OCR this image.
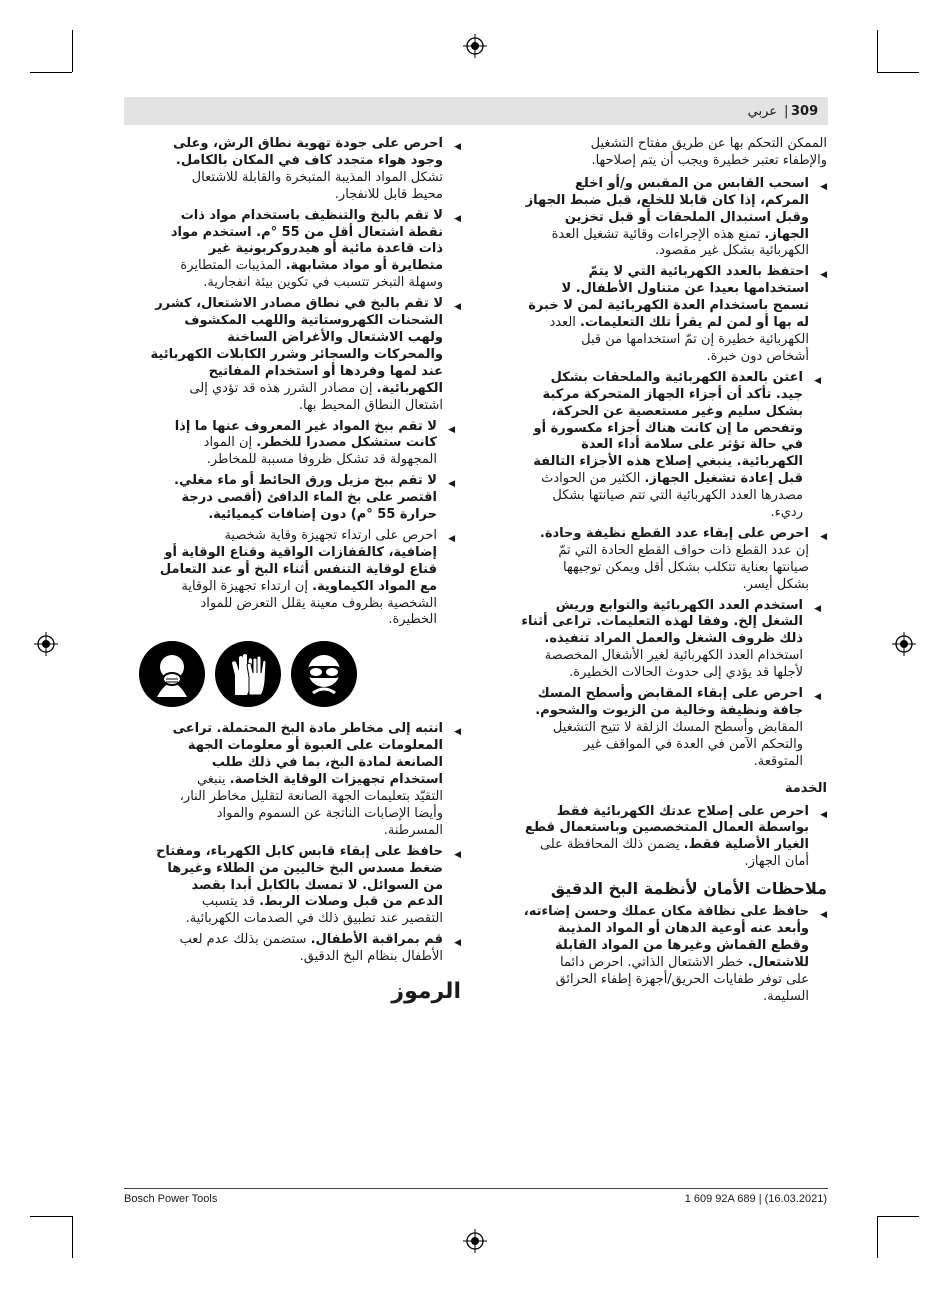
309
|
عربي
الممكن التحكم بها عن طريق مفتاح التشغيل
والإطفاء تعتبر خطيرة ويجب أن يتم إصلاحها.
◀
اسحب القابس من المقبس و/أو اخلع
المركم، إذا كان قابلا للخلع، قبل ضبط الجهاز
وقبل استبدال الملحقات أو قبل تخزين
الجهاز. تمنع هذه الإجراءات وقائية تشغيل العدة
الكهربائية بشكل غير مقصود.
◀
احتفظ بالعدد الكهربائية التي لا يتمّ
استخدامها بعيدا عن متناول الأطفال. لا
تسمح باستخدام العدة الكهربائية لمن لا خبرة
له بها أو لمن لم يقرأ تلك التعليمات. العدد
الكهربائية خطيرة إن تمّ استخدامها من قبل
أشخاص دون خبرة.
◀
اعتن بالعدة الكهربائية والملحقات بشكل
جيد. تأكد أن أجزاء الجهاز المتحركة مركبة
بشكل سليم وغير مستعصية عن الحركة،
وتفحص ما إن كانت هناك أجزاء مكسورة أو
في حالة تؤثر على سلامة أداء العدة
الكهربائية. ينبغي إصلاح هذه الأجزاء التالفة
قبل إعادة تشغيل الجهاز. الكثير من الحوادث
مصدرها العدد الكهربائية التي تتم صيانتها بشكل
رديء.
◀
احرص على إبقاء عدد القطع نظيفة وحادة.
إن عدد القطع ذات حواف القطع الحادة التي تمّ
صيانتها بعناية تتكلب بشكل أقل ويمكن توجيهها
بشكل أيسر.
◀
استخدم العدد الكهربائية والتوابع وريش
الشغل إلخ. وفقا لهذه التعليمات. تراعى أثناء
ذلك ظروف الشغل والعمل المراد تنفيذه.
استخدام العدد الكهربائية لغير الأشغال المخصصة
لأجلها قد يؤدي إلى حدوث الحالات الخطيرة.
◀
احرص على إبقاء المقابض وأسطح المسك
جافة ونظيفة وخالية من الزيوت والشحوم.
المقابض وأسطح المسك الزلقة لا تتيح التشغيل
والتحكم الآمن في العدة في المواقف غير
المتوقعة.
الخدمة
◀
احرص على إصلاح عدتك الكهربائية فقط
بواسطة العمال المتخصصين وباستعمال قطع
الغيار الأصلية فقط. يضمن ذلك المحافظة على
أمان الجهاز.
ملاحظات الأمان لأنظمة البخ الدقيق
◀
حافظ على نظافة مكان عملك وحسن إضاءته،
وأبعد عنه أوعية الدهان أو المواد المذيبة
وقطع القماش وغيرها من المواد القابلة
للاشتعال. خطر الاشتعال الذاتي. احرص دائما
على توفر طفايات الحريق/أجهزة إطفاء الحرائق
السليمة.
◀
احرص على جودة تهوية نطاق الرش، وعلى
وجود هواء متجدد كاف في المكان بالكامل.
تشكل المواد المذيبة المتبخرة والقابلة للاشتعال
محيط قابل للانفجار.
◀
لا تقم بالبخ والتنظيف باستخدام مواد ذات
نقطة اشتعال أقل من 55 °م. استخدم مواد
ذات قاعدة مائية أو هيدروكربونية غير
متطايرة أو مواد مشابهة. المذيبات المتطايرة
وسهلة التبخر تتسبب في تكوين بيئة انفجارية.
◀
لا تقم بالبخ في نطاق مصادر الاشتعال، كشرر
الشحنات الكهروستاتية واللهب المكشوف
ولهب الاشتعال والأغراض الساخنة
والمحركات والسجائر وشرر الكابلات الكهربائية
عند لمها وفردها أو استخدام المفاتيح
الكهربائية. إن مصادر الشرر هذه قد تؤدي إلى
اشتعال النطاق المحيط بها.
◀
لا تقم ببخ المواد غير المعروف عنها ما إذا
كانت ستشكل مصدرا للخطر. إن المواد
المجهولة قد تشكل ظروفا مسببة للمخاطر.
◀
لا تقم ببخ مزيل ورق الحائط أو ماء مغلي.
اقتصر على بخ الماء الدافئ (أقصى درجة
حرارة 55 °م) دون إضافات كيميائية.
◀
احرص على ارتداء تجهيزة وقاية شخصية
إضافية، كالقفازات الواقية وقناع الوقاية أو
قناع لوقاية التنفس أثناء البخ أو عند التعامل
مع المواد الكيماوية. إن ارتداء تجهيزة الوقاية
الشخصية بظروف معينة يقلل التعرض للمواد
الخطيرة.
◀
انتبه إلى مخاطر مادة البخ المحتملة. تراعى
المعلومات على العبوة أو معلومات الجهة
الصانعة لمادة البخ، بما في ذلك طلب
استخدام تجهيزات الوقاية الخاصة. ينبغي
التقيّد بتعليمات الجهة الصانعة لتقليل مخاطر النار،
وأيضا الإصابات الناتجة عن السموم والمواد
المسرطنة.
◀
حافظ على إبقاء قابس كابل الكهرباء، ومفتاح
ضغط مسدس البخ خاليين من الطلاء وغيرها
من السوائل. لا تمسك بالكابل أبدا بقصد
الدعم من قبل وصلات الربط. قد يتسبب
التقصير عند تطبيق ذلك في الصدمات الكهربائية.
◀
قم بمراقبة الأطفال. ستضمن بذلك عدم لعب
الأطفال بنظام البخ الدقيق.
الرموز
Bosch Power Tools	1 609 92A 689 | (16.03.2021)
